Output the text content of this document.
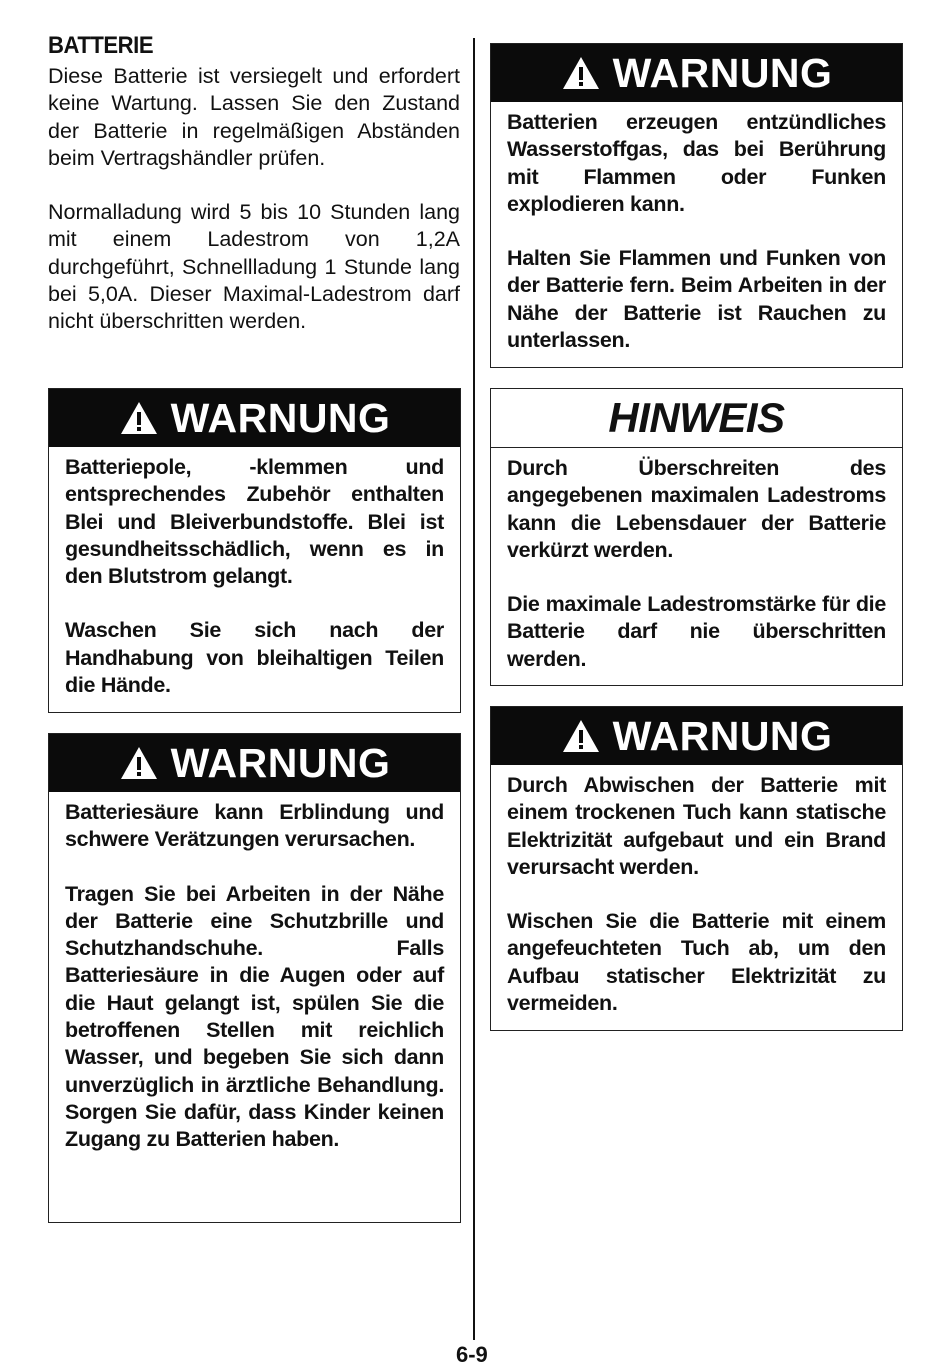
BATTERIE

Diese Batterie ist versiegelt und erfordert keine Wartung. Lassen Sie den Zustand der Batterie in regelmäßigen Abständen beim Vertragshändler prüfen.

Normalladung wird 5 bis 10 Stunden lang mit einem Ladestrom von 1,2A durchgeführt, Schnellladung 1 Stunde lang bei 5,0A. Dieser Maximal-Ladestrom darf nicht überschritten werden.

WARNUNG

Batteriepole, -klemmen und entsprechendes Zubehör enthalten Blei und Bleiverbundstoffe. Blei ist gesundheitsschädlich, wenn es in den Blutstrom gelangt.

Waschen Sie sich nach der Handhabung von bleihaltigen Teilen die Hände.

WARNUNG

Batteriesäure kann Erblindung und schwere Verätzungen verursachen.

Tragen Sie bei Arbeiten in der Nähe der Batterie eine Schutzbrille und Schutzhandschuhe. Falls Batteriesäure in die Augen oder auf die Haut gelangt ist, spülen Sie die betroffenen Stellen mit reichlich Wasser, und begeben Sie sich dann unverzüglich in ärztliche Behandlung. Sorgen Sie dafür, dass Kinder keinen Zugang zu Batterien haben.

WARNUNG

Batterien erzeugen entzündliches Wasserstoffgas, das bei Berührung mit Flammen oder Funken explodieren kann.

Halten Sie Flammen und Funken von der Batterie fern. Beim Arbeiten in der Nähe der Batterie ist Rauchen zu unterlassen.

HINWEIS

Durch Überschreiten des angegebenen maximalen Ladestroms kann die Lebensdauer der Batterie verkürzt werden.

Die maximale Ladestromstärke für die Batterie darf nie überschritten werden.

WARNUNG

Durch Abwischen der Batterie mit einem trockenen Tuch kann statische Elektrizität aufgebaut und ein Brand verursacht werden.

Wischen Sie die Batterie mit einem angefeuchteten Tuch ab, um den Aufbau statischer Elektrizität zu vermeiden.

6-9
